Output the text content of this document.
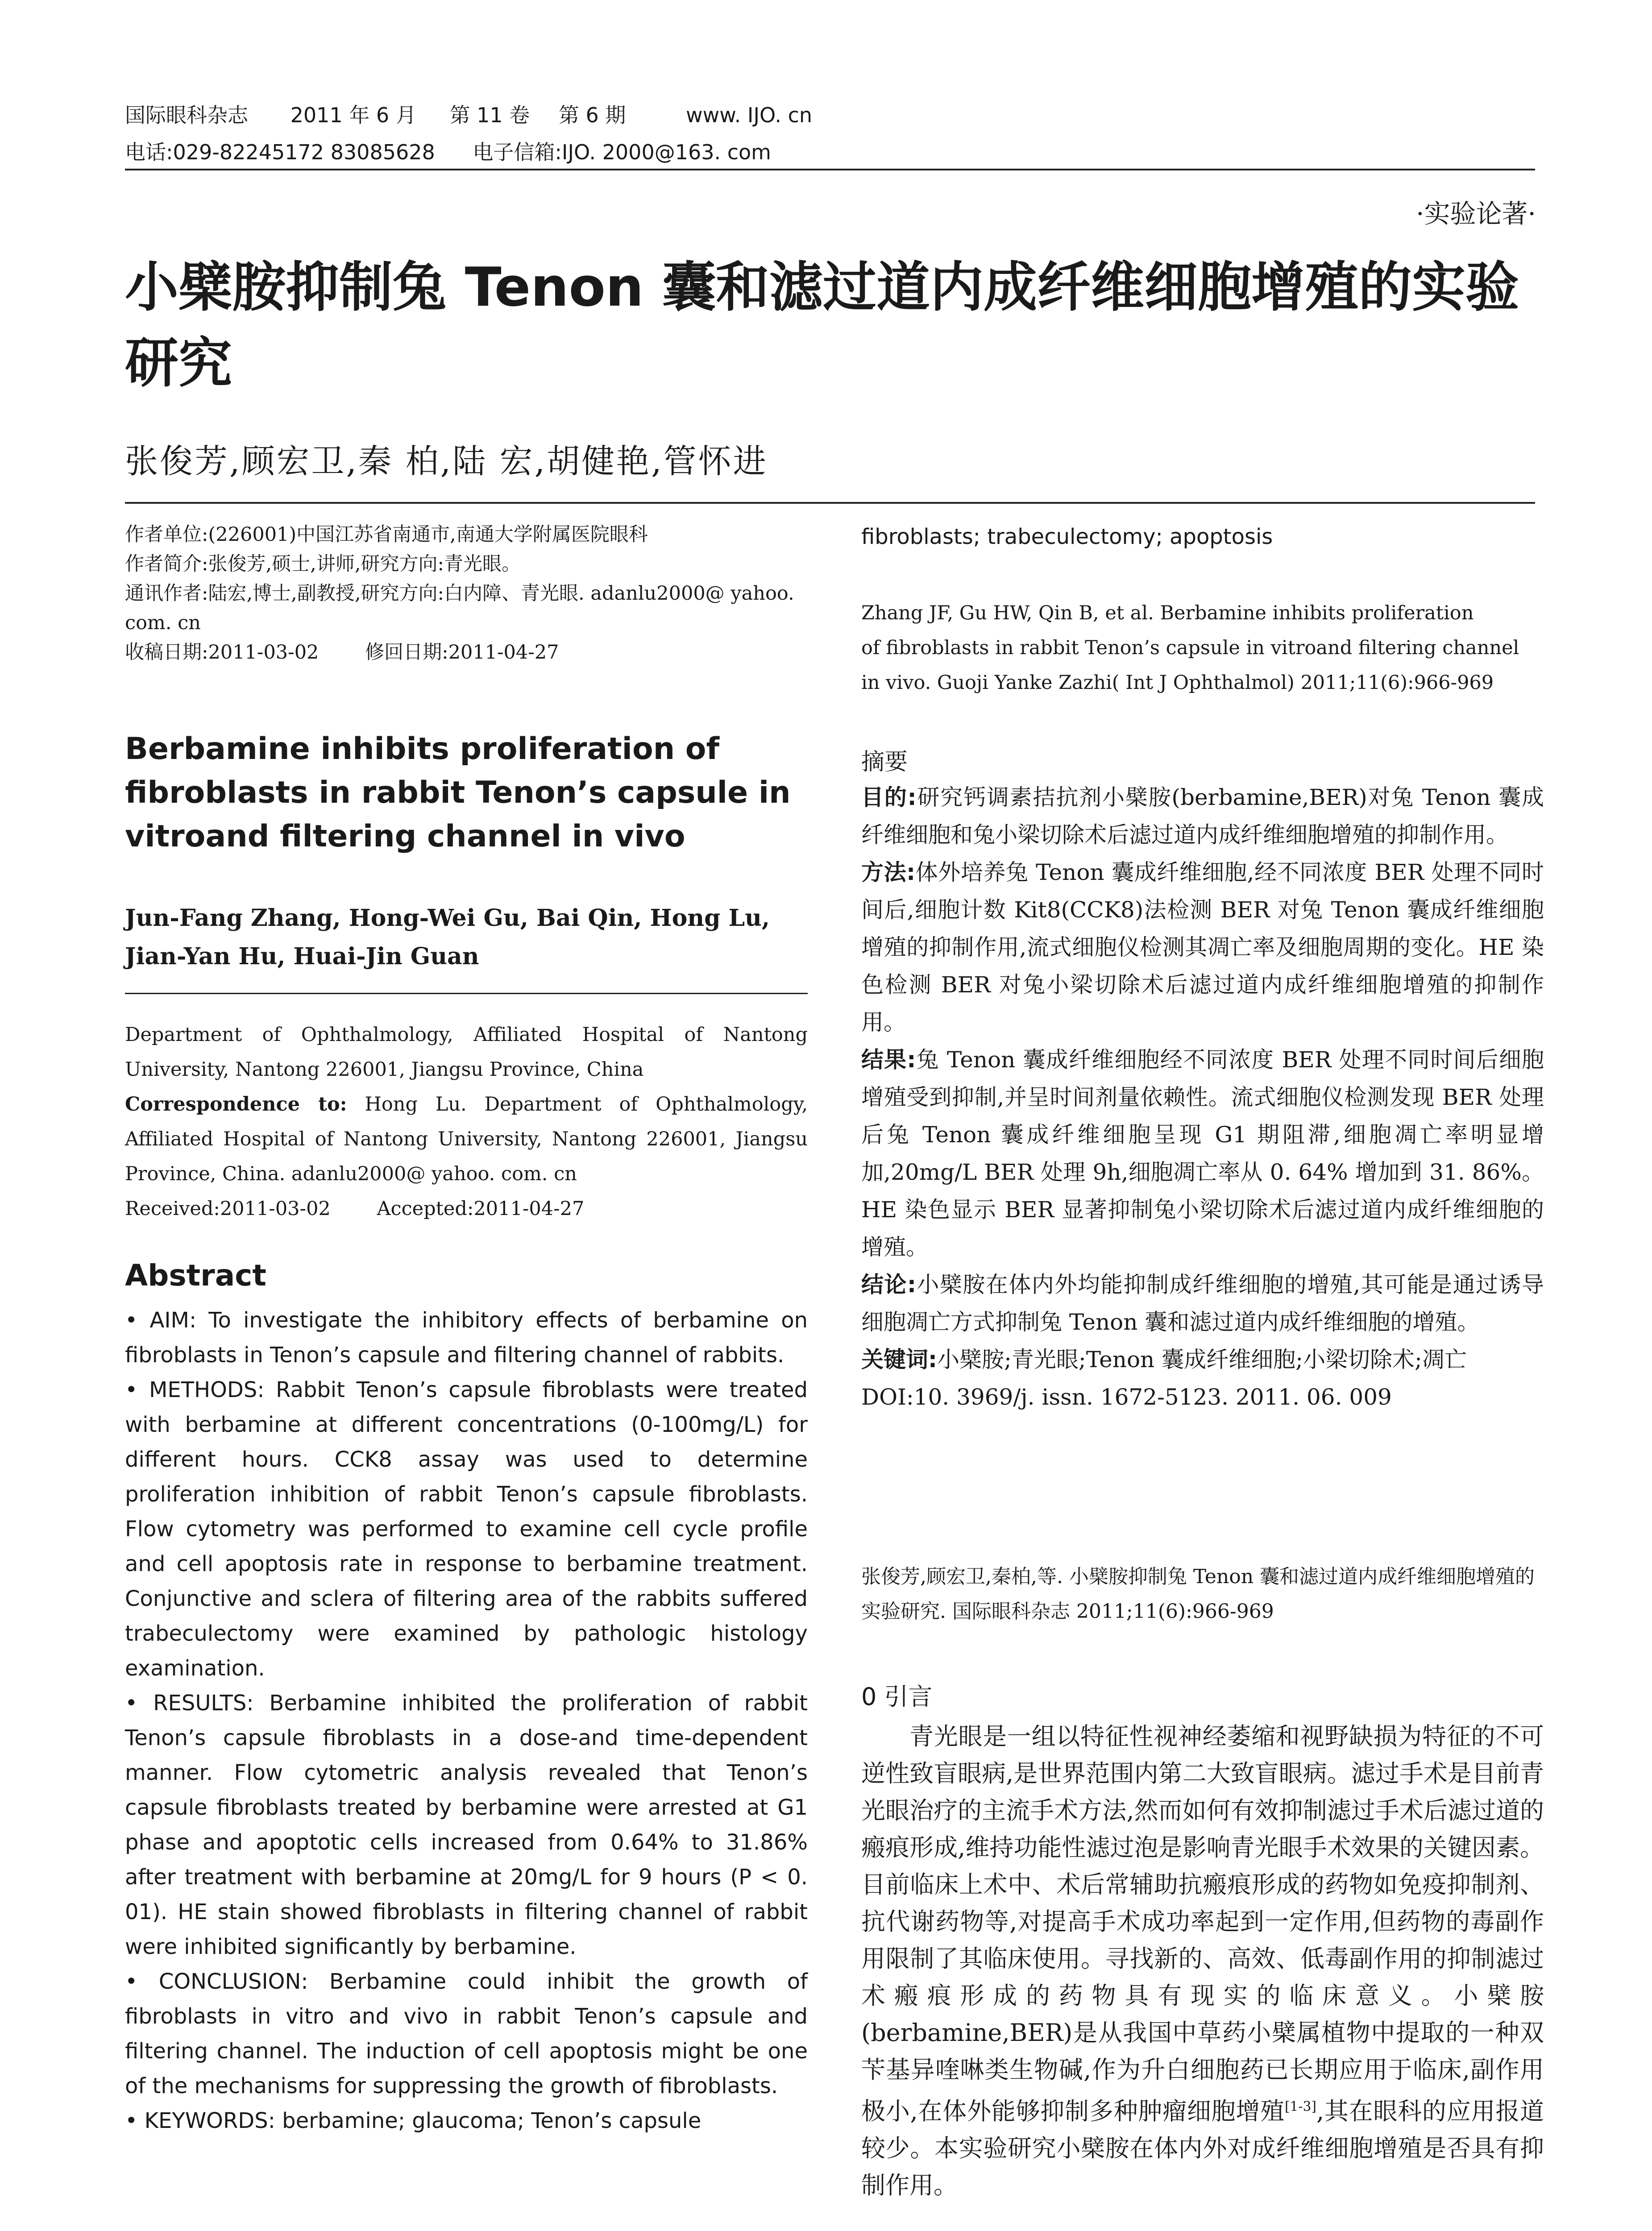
国际眼科杂志 2011 年 6 月 第 11 卷 第 6 期	www. IJO. cn
电话:029-82245172 83085628 电子信箱:IJO. 2000@163. com
·实验论著·
小檗胺抑制兔 Tenon 囊和滤过道内成纤维细胞增殖的实验研究
张俊芳,顾宏卫,秦 柏,陆 宏,胡健艳,管怀进

作者单位:(226001)中国江苏省南通市,南通大学附属医院眼科

作者简介:张俊芳,硕士,讲师,研究方向:青光眼。

通讯作者:陆宏,博士,副教授,研究方向:白内障、青光眼. adanlu2000@ yahoo. com. cn

收稿日期:2011-03-02 修回日期:2011-04-27

Berbamine inhibits proliferation of fibroblasts in rabbit Tenon’s capsule in vitroand filtering channel in vivo
Jun-Fang Zhang, Hong-Wei Gu, Bai Qin, Hong Lu, Jian-Yan Hu, Huai-Jin Guan

Department of Ophthalmology, Affiliated Hospital of Nantong University, Nantong 226001, Jiangsu Province, China

Correspondence to: Hong Lu. Department of Ophthalmology, Affiliated Hospital of Nantong University, Nantong 226001, Jiangsu Province, China. adanlu2000@ yahoo. com. cn

Received:2011-03-02 Accepted:2011-04-27

Abstract

• AIM: To investigate the inhibitory effects of berbamine on fibroblasts in Tenon’s capsule and filtering channel of rabbits.

• METHODS: Rabbit Tenon’s capsule fibroblasts were treated with berbamine at different concentrations (0-100mg/L) for different hours. CCK8 assay was used to determine proliferation inhibition of rabbit Tenon’s capsule fibroblasts. Flow cytometry was performed to examine cell cycle profile and cell apoptosis rate in response to berbamine treatment. Conjunctive and sclera of filtering area of the rabbits suffered trabeculectomy were examined by pathologic histology examination.

• RESULTS: Berbamine inhibited the proliferation of rabbit Tenon’s capsule fibroblasts in a dose-and time-dependent manner. Flow cytometric analysis revealed that Tenon’s capsule fibroblasts treated by berbamine were arrested at G1 phase and apoptotic cells increased from 0.64% to 31.86% after treatment with berbamine at 20mg/L for 9 hours (P < 0. 01). HE stain showed fibroblasts in filtering channel of rabbit were inhibited significantly by berbamine.

• CONCLUSION: Berbamine could inhibit the growth of fibroblasts in vitro and vivo in rabbit Tenon’s capsule and filtering channel. The induction of cell apoptosis might be one of the mechanisms for suppressing the growth of fibroblasts.

• KEYWORDS: berbamine; glaucoma; Tenon’s capsule

fibroblasts; trabeculectomy; apoptosis

Zhang JF, Gu HW, Qin B, et al. Berbamine inhibits proliferation

of fibroblasts in rabbit Tenon’s capsule in vitroand filtering channel

in vivo. Guoji Yanke Zazhi( Int J Ophthalmol) 2011;11(6):966-969

摘要

目的:研究钙调素拮抗剂小檗胺(berbamine,BER)对兔 Tenon 囊成纤维细胞和兔小梁切除术后滤过道内成纤维细胞增殖的抑制作用。

方法:体外培养兔 Tenon 囊成纤维细胞,经不同浓度 BER 处理不同时间后,细胞计数 Kit8(CCK8)法检测 BER 对兔 Tenon 囊成纤维细胞增殖的抑制作用,流式细胞仪检测其凋亡率及细胞周期的变化。HE 染色检测 BER 对兔小梁切除术后滤过道内成纤维细胞增殖的抑制作用。

结果:兔 Tenon 囊成纤维细胞经不同浓度 BER 处理不同时间后细胞增殖受到抑制,并呈时间剂量依赖性。流式细胞仪检测发现 BER 处理后兔 Tenon 囊成纤维细胞呈现 G1 期阻滞,细胞凋亡率明显增加,20mg/L BER 处理 9h,细胞凋亡率从 0. 64% 增加到 31. 86%。HE 染色显示 BER 显著抑制兔小梁切除术后滤过道内成纤维细胞的增殖。

结论:小檗胺在体内外均能抑制成纤维细胞的增殖,其可能是通过诱导细胞凋亡方式抑制兔 Tenon 囊和滤过道内成纤维细胞的增殖。

关键词:小檗胺;青光眼;Tenon 囊成纤维细胞;小梁切除术;凋亡

DOI:10. 3969/j. issn. 1672-5123. 2011. 06. 009

张俊芳,顾宏卫,秦柏,等. 小檗胺抑制兔 Tenon 囊和滤过道内成纤维细胞增殖的实验研究. 国际眼科杂志 2011;11(6):966-969

0 引言

青光眼是一组以特征性视神经萎缩和视野缺损为特征的不可逆性致盲眼病,是世界范围内第二大致盲眼病。滤过手术是目前青光眼治疗的主流手术方法,然而如何有效抑制滤过手术后滤过道的瘢痕形成,维持功能性滤过泡是影响青光眼手术效果的关键因素。目前临床上术中、术后常辅助抗瘢痕形成的药物如免疫抑制剂、抗代谢药物等,对提高手术成功率起到一定作用,但药物的毒副作用限制了其临床使用。寻找新的、高效、低毒副作用的抑制滤过术瘢痕形成的药物具有现实的临床意义。小檗胺(berbamine,BER)是从我国中草药小檗属植物中提取的一种双苄基异喹啉类生物碱,作为升白细胞药已长期应用于临床,副作用极小,在体外能够抑制多种肿瘤细胞增殖[1-3],其在眼科的应用报道较少。本实验研究小檗胺在体内外对成纤维细胞增殖是否具有抑制作用。
